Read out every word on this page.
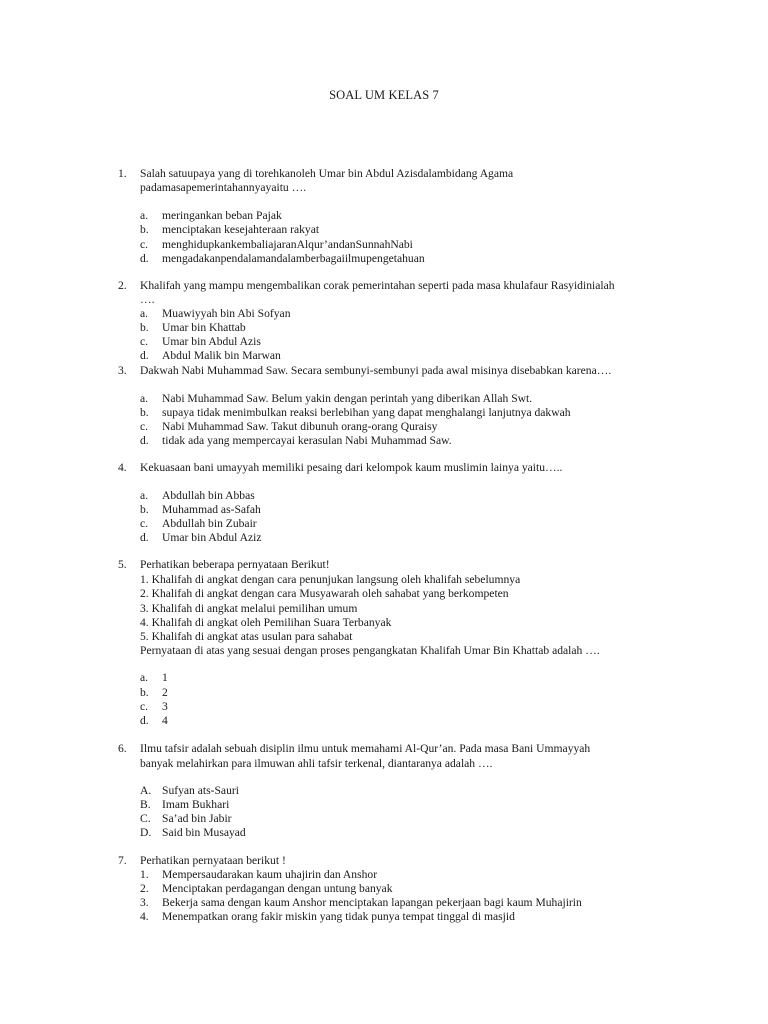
SOAL UM KELAS 7
1. Salah satuupaya yang di torehkanoleh Umar bin Abdul Azisdalambidang Agama
padamasapemerintahannyayaitu ….
a. meringankan beban Pajak
b. menciptakan kesejahteraan rakyat
c. menghidupkankembaliajaranAlqur’andanSunnahNabi
d. mengadakanpendalamandalamberbagaiilmupengetahuan
2. Khalifah yang mampu mengembalikan corak pemerintahan seperti pada masa khulafaur Rasyidinialah
….
a. Muawiyyah bin Abi Sofyan
b. Umar bin Khattab
c. Umar bin Abdul Azis
d. Abdul Malik bin Marwan
3. Dakwah Nabi Muhammad Saw. Secara sembunyi-sembunyi pada awal misinya disebabkan karena….
a. Nabi Muhammad Saw. Belum yakin dengan perintah yang diberikan Allah Swt.
b. supaya tidak menimbulkan reaksi berlebihan yang dapat menghalangi lanjutnya dakwah
c. Nabi Muhammad Saw. Takut dibunuh orang-orang Quraisy
d. tidak ada yang mempercayai kerasulan Nabi Muhammad Saw.
4. Kekuasaan bani umayyah memiliki pesaing dari kelompok kaum muslimin lainya yaitu…..
a. Abdullah bin Abbas
b. Muhammad as-Safah
c. Abdullah bin Zubair
d. Umar bin Abdul Aziz
5. Perhatikan beberapa pernyataan Berikut!
1. Khalifah di angkat dengan cara penunjukan langsung oleh khalifah sebelumnya
2. Khalifah di angkat dengan cara Musyawarah oleh sahabat yang berkompeten
3. Khalifah di angkat melalui pemilihan umum
4. Khalifah di angkat oleh Pemilihan Suara Terbanyak
5. Khalifah di angkat atas usulan para sahabat
Pernyataan di atas yang sesuai dengan proses pengangkatan Khalifah Umar Bin Khattab adalah ….
a. 1
b. 2
c. 3
d. 4
6. Ilmu tafsir adalah sebuah disiplin ilmu untuk memahami Al-Qur’an. Pada masa Bani Ummayyah
banyak melahirkan para ilmuwan ahli tafsir terkenal, diantaranya adalah ….
A. Sufyan ats-Sauri
B. Imam Bukhari
C. Sa’ad bin Jabir
D. Said bin Musayad
7. Perhatikan pernyataan berikut !
1. Mempersaudarakan kaum uhajirin dan Anshor
2. Menciptakan perdagangan dengan untung banyak
3. Bekerja sama dengan kaum Anshor menciptakan lapangan pekerjaan bagi kaum Muhajirin
4. Menempatkan orang fakir miskin yang tidak punya tempat tinggal di masjid
